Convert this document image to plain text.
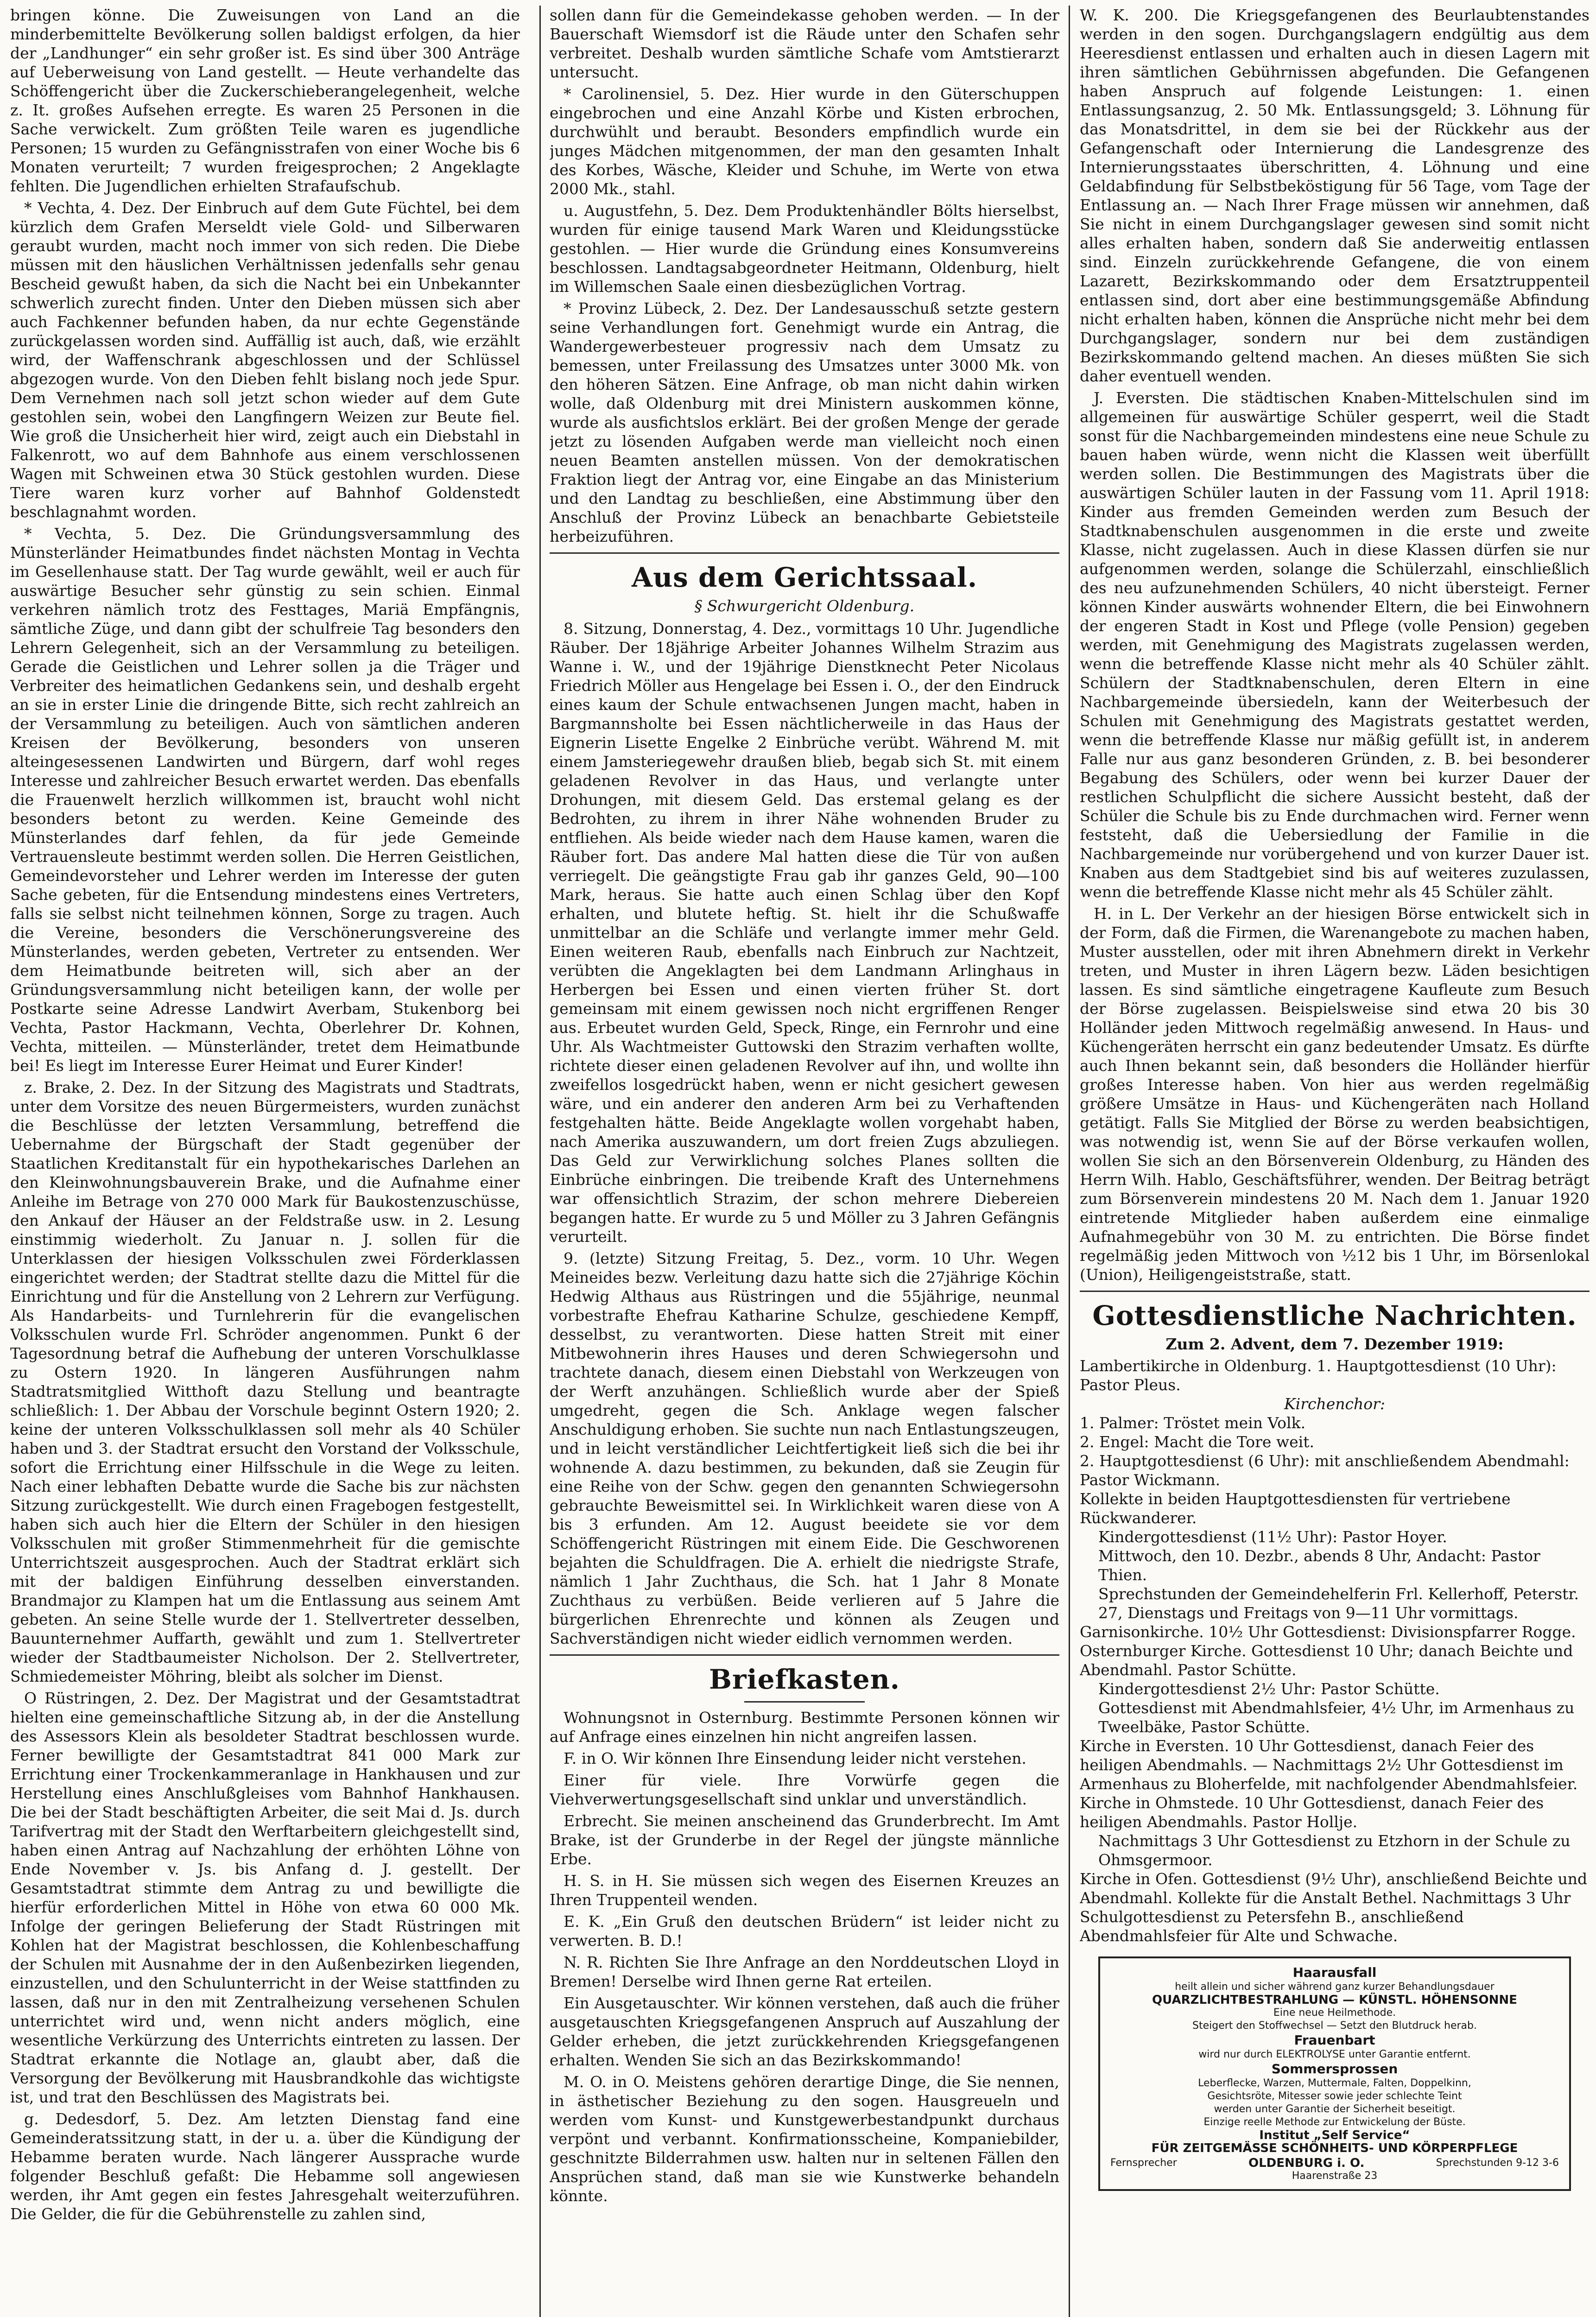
bringen könne. Die Zuweisungen von Land an die minderbemittelte Bevölkerung sollen baldigst erfolgen, da hier der „Landhunger“ ein sehr großer ist. Es sind über 300 Anträge auf Ueberweisung von Land gestellt. — Heute verhandelte das Schöffengericht über die Zuckerschieberangelegenheit, welche z. It. großes Aufsehen erregte. Es waren 25 Personen in die Sache verwickelt. Zum größten Teile waren es jugendliche Personen; 15 wurden zu Gefängnisstrafen von einer Woche bis 6 Monaten verurteilt; 7 wurden freigesprochen; 2 Angeklagte fehlten. Die Jugendlichen erhielten Strafaufschub.

* Vechta, 4. Dez. Der Einbruch auf dem Gute Füchtel, bei dem kürzlich dem Grafen Merseldt viele Gold- und Silberwaren geraubt wurden, macht noch immer von sich reden. Die Diebe müssen mit den häuslichen Verhältnissen jedenfalls sehr genau Bescheid gewußt haben, da sich die Nacht bei ein Unbekannter schwerlich zurecht finden. Unter den Dieben müssen sich aber auch Fachkenner befunden haben, da nur echte Gegenstände zurückgelassen worden sind. Auffällig ist auch, daß, wie erzählt wird, der Waffenschrank abgeschlossen und der Schlüssel abgezogen wurde. Von den Dieben fehlt bislang noch jede Spur. Dem Vernehmen nach soll jetzt schon wieder auf dem Gute gestohlen sein, wobei den Langfingern Weizen zur Beute fiel. Wie groß die Unsicherheit hier wird, zeigt auch ein Diebstahl in Falkenrott, wo auf dem Bahnhofe aus einem verschlossenen Wagen mit Schweinen etwa 30 Stück gestohlen wurden. Diese Tiere waren kurz vorher auf Bahnhof Goldenstedt beschlagnahmt worden.

* Vechta, 5. Dez. Die Gründungsversammlung des Münsterländer Heimatbundes findet nächsten Montag in Vechta im Gesellenhause statt. Der Tag wurde gewählt, weil er auch für auswärtige Besucher sehr günstig zu sein schien. Einmal verkehren nämlich trotz des Festtages, Mariä Empfängnis, sämtliche Züge, und dann gibt der schulfreie Tag besonders den Lehrern Gelegenheit, sich an der Versammlung zu beteiligen. Gerade die Geistlichen und Lehrer sollen ja die Träger und Verbreiter des heimatlichen Gedankens sein, und deshalb ergeht an sie in erster Linie die dringende Bitte, sich recht zahlreich an der Versammlung zu beteiligen. Auch von sämtlichen anderen Kreisen der Bevölkerung, besonders von unseren alteingesessenen Landwirten und Bürgern, darf wohl reges Interesse und zahlreicher Besuch erwartet werden. Das ebenfalls die Frauenwelt herzlich willkommen ist, braucht wohl nicht besonders betont zu werden. Keine Gemeinde des Münsterlandes darf fehlen, da für jede Gemeinde Vertrauensleute bestimmt werden sollen. Die Herren Geistlichen, Gemeindevorsteher und Lehrer werden im Interesse der guten Sache gebeten, für die Entsendung mindestens eines Vertreters, falls sie selbst nicht teilnehmen können, Sorge zu tragen. Auch die Vereine, besonders die Verschönerungsvereine des Münsterlandes, werden gebeten, Vertreter zu entsenden. Wer dem Heimatbunde beitreten will, sich aber an der Gründungsversammlung nicht beteiligen kann, der wolle per Postkarte seine Adresse Landwirt Averbam, Stukenborg bei Vechta, Pastor Hackmann, Vechta, Oberlehrer Dr. Kohnen, Vechta, mitteilen. — Münsterländer, tretet dem Heimatbunde bei! Es liegt im Interesse Eurer Heimat und Eurer Kinder!

z. Brake, 2. Dez. In der Sitzung des Magistrats und Stadtrats, unter dem Vorsitze des neuen Bürgermeisters, wurden zunächst die Beschlüsse der letzten Versammlung, betreffend die Uebernahme der Bürgschaft der Stadt gegenüber der Staatlichen Kreditanstalt für ein hypothekarisches Darlehen an den Kleinwohnungsbauverein Brake, und die Aufnahme einer Anleihe im Betrage von 270 000 Mark für Baukostenzuschüsse, den Ankauf der Häuser an der Feldstraße usw. in 2. Lesung einstimmig wiederholt. Zu Januar n. J. sollen für die Unterklassen der hiesigen Volksschulen zwei Förderklassen eingerichtet werden; der Stadtrat stellte dazu die Mittel für die Einrichtung und für die Anstellung von 2 Lehrern zur Verfügung. Als Handarbeits- und Turnlehrerin für die evangelischen Volksschulen wurde Frl. Schröder angenommen. Punkt 6 der Tagesordnung betraf die Aufhebung der unteren Vorschulklasse zu Ostern 1920. In längeren Ausführungen nahm Stadtratsmitglied Witthoft dazu Stellung und beantragte schließlich: 1. Der Abbau der Vorschule beginnt Ostern 1920; 2. keine der unteren Volksschulklassen soll mehr als 40 Schüler haben und 3. der Stadtrat ersucht den Vorstand der Volksschule, sofort die Errichtung einer Hilfsschule in die Wege zu leiten. Nach einer lebhaften Debatte wurde die Sache bis zur nächsten Sitzung zurückgestellt. Wie durch einen Fragebogen festgestellt, haben sich auch hier die Eltern der Schüler in den hiesigen Volksschulen mit großer Stimmenmehrheit für die gemischte Unterrichtszeit ausgesprochen. Auch der Stadtrat erklärt sich mit der baldigen Einführung desselben einverstanden. Brandmajor zu Klampen hat um die Entlassung aus seinem Amt gebeten. An seine Stelle wurde der 1. Stellvertreter desselben, Bauunternehmer Auffarth, gewählt und zum 1. Stellvertreter wieder der Stadtbaumeister Nicholson. Der 2. Stellvertreter, Schmiedemeister Möhring, bleibt als solcher im Dienst.

O Rüstringen, 2. Dez. Der Magistrat und der Gesamtstadtrat hielten eine gemeinschaftliche Sitzung ab, in der die Anstellung des Assessors Klein als besoldeter Stadtrat beschlossen wurde. Ferner bewilligte der Gesamtstadtrat 841 000 Mark zur Errichtung einer Trockenkammeranlage in Hankhausen und zur Herstellung eines Anschlußgleises vom Bahnhof Hankhausen. Die bei der Stadt beschäftigten Arbeiter, die seit Mai d. Js. durch Tarifvertrag mit der Stadt den Werftarbeitern gleichgestellt sind, haben einen Antrag auf Nachzahlung der erhöhten Löhne von Ende November v. Js. bis Anfang d. J. gestellt. Der Gesamtstadtrat stimmte dem Antrag zu und bewilligte die hierfür erforderlichen Mittel in Höhe von etwa 60 000 Mk. Infolge der geringen Belieferung der Stadt Rüstringen mit Kohlen hat der Magistrat beschlossen, die Kohlenbeschaffung der Schulen mit Ausnahme der in den Außenbezirken liegenden, einzustellen, und den Schulunterricht in der Weise stattfinden zu lassen, daß nur in den mit Zentralheizung versehenen Schulen unterrichtet wird und, wenn nicht anders möglich, eine wesentliche Verkürzung des Unterrichts eintreten zu lassen. Der Stadtrat erkannte die Notlage an, glaubt aber, daß die Versorgung der Bevölkerung mit Hausbrandkohle das wichtigste ist, und trat den Beschlüssen des Magistrats bei.

g. Dedesdorf, 5. Dez. Am letzten Dienstag fand eine Gemeinderatssitzung statt, in der u. a. über die Kündigung der Hebamme beraten wurde. Nach längerer Aussprache wurde folgender Beschluß gefaßt: Die Hebamme soll angewiesen werden, ihr Amt gegen ein festes Jahresgehalt weiterzuführen. Die Gelder, die für die Gebührenstelle zu zahlen sind,

sollen dann für die Gemeindekasse gehoben werden. — In der Bauerschaft Wiemsdorf ist die Räude unter den Schafen sehr verbreitet. Deshalb wurden sämtliche Schafe vom Amtstierarzt untersucht.

* Carolinensiel, 5. Dez. Hier wurde in den Güterschuppen eingebrochen und eine Anzahl Körbe und Kisten erbrochen, durchwühlt und beraubt. Besonders empfindlich wurde ein junges Mädchen mitgenommen, der man den gesamten Inhalt des Korbes, Wäsche, Kleider und Schuhe, im Werte von etwa 2000 Mk., stahl.

u. Augustfehn, 5. Dez. Dem Produktenhändler Bölts hierselbst, wurden für einige tausend Mark Waren und Kleidungsstücke gestohlen. — Hier wurde die Gründung eines Konsumvereins beschlossen. Landtagsabgeordneter Heitmann, Oldenburg, hielt im Willemschen Saale einen diesbezüglichen Vortrag.

* Provinz Lübeck, 2. Dez. Der Landesausschuß setzte gestern seine Verhandlungen fort. Genehmigt wurde ein Antrag, die Wandergewerbesteuer progressiv nach dem Umsatz zu bemessen, unter Freilassung des Umsatzes unter 3000 Mk. von den höheren Sätzen. Eine Anfrage, ob man nicht dahin wirken wolle, daß Oldenburg mit drei Ministern auskommen könne, wurde als ausfichtslos erklärt. Bei der großen Menge der gerade jetzt zu lösenden Aufgaben werde man vielleicht noch einen neuen Beamten anstellen müssen. Von der demokratischen Fraktion liegt der Antrag vor, eine Eingabe an das Ministerium und den Landtag zu beschließen, eine Abstimmung über den Anschluß der Provinz Lübeck an benachbarte Gebietsteile herbeizuführen.

Aus dem Gerichtssaal.

§ Schwurgericht Oldenburg.

8. Sitzung, Donnerstag, 4. Dez., vormittags 10 Uhr. Jugendliche Räuber. Der 18jährige Arbeiter Johannes Wilhelm Strazim aus Wanne i. W., und der 19jährige Dienstknecht Peter Nicolaus Friedrich Möller aus Hengelage bei Essen i. O., der den Eindruck eines kaum der Schule entwachsenen Jungen macht, haben in Bargmannsholte bei Essen nächtlicherweile in das Haus der Eignerin Lisette Engelke 2 Einbrüche verübt. Während M. mit einem Jamsteriegewehr draußen blieb, begab sich St. mit einem geladenen Revolver in das Haus, und verlangte unter Drohungen, mit diesem Geld. Das erstemal gelang es der Bedrohten, zu ihrem in ihrer Nähe wohnenden Bruder zu entfliehen. Als beide wieder nach dem Hause kamen, waren die Räuber fort. Das andere Mal hatten diese die Tür von außen verriegelt. Die geängstigte Frau gab ihr ganzes Geld, 90—100 Mark, heraus. Sie hatte auch einen Schlag über den Kopf erhalten, und blutete heftig. St. hielt ihr die Schußwaffe unmittelbar an die Schläfe und verlangte immer mehr Geld. Einen weiteren Raub, ebenfalls nach Einbruch zur Nachtzeit, verübten die Angeklagten bei dem Landmann Arlinghaus in Herbergen bei Essen und einen vierten früher St. dort gemeinsam mit einem gewissen noch nicht ergriffenen Renger aus. Erbeutet wurden Geld, Speck, Ringe, ein Fernrohr und eine Uhr. Als Wachtmeister Guttowski den Strazim verhaften wollte, richtete dieser einen geladenen Revolver auf ihn, und wollte ihn zweifellos losgedrückt haben, wenn er nicht gesichert gewesen wäre, und ein anderer den anderen Arm bei zu Verhaftenden festgehalten hätte. Beide Angeklagte wollen vorgehabt haben, nach Amerika auszuwandern, um dort freien Zugs abzuliegen. Das Geld zur Verwirklichung solches Planes sollten die Einbrüche einbringen. Die treibende Kraft des Unternehmens war offensichtlich Strazim, der schon mehrere Diebereien begangen hatte. Er wurde zu 5 und Möller zu 3 Jahren Gefängnis verurteilt.

9. (letzte) Sitzung Freitag, 5. Dez., vorm. 10 Uhr. Wegen Meineides bezw. Verleitung dazu hatte sich die 27jährige Köchin Hedwig Althaus aus Rüstringen und die 55jährige, neunmal vorbestrafte Ehefrau Katharine Schulze, geschiedene Kempff, desselbst, zu verantworten. Diese hatten Streit mit einer Mitbewohnerin ihres Hauses und deren Schwiegersohn und trachtete danach, diesem einen Diebstahl von Werkzeugen von der Werft anzuhängen. Schließlich wurde aber der Spieß umgedreht, gegen die Sch. Anklage wegen falscher Anschuldigung erhoben. Sie suchte nun nach Entlastungszeugen, und in leicht verständlicher Leichtfertigkeit ließ sich die bei ihr wohnende A. dazu bestimmen, zu bekunden, daß sie Zeugin für eine Reihe von der Schw. gegen den genannten Schwiegersohn gebrauchte Beweismittel sei. In Wirklichkeit waren diese von A bis 3 erfunden. Am 12. August beeidete sie vor dem Schöffengericht Rüstringen mit einem Eide. Die Geschworenen bejahten die Schuldfragen. Die A. erhielt die niedrigste Strafe, nämlich 1 Jahr Zuchthaus, die Sch. hat 1 Jahr 8 Monate Zuchthaus zu verbüßen. Beide verlieren auf 5 Jahre die bürgerlichen Ehrenrechte und können als Zeugen und Sachverständigen nicht wieder eidlich vernommen werden.

Briefkasten.

Wohnungsnot in Osternburg. Bestimmte Personen können wir auf Anfrage eines einzelnen hin nicht angreifen lassen.

F. in O. Wir können Ihre Einsendung leider nicht verstehen.

Einer für viele. Ihre Vorwürfe gegen die Viehverwertungsgesellschaft sind unklar und unverständlich.

Erbrecht. Sie meinen anscheinend das Grunderbrecht. Im Amt Brake, ist der Grunderbe in der Regel der jüngste männliche Erbe.

H. S. in H. Sie müssen sich wegen des Eisernen Kreuzes an Ihren Truppenteil wenden.

E. K. „Ein Gruß den deutschen Brüdern“ ist leider nicht zu verwerten. B. D.!

N. R. Richten Sie Ihre Anfrage an den Norddeutschen Lloyd in Bremen! Derselbe wird Ihnen gerne Rat erteilen.

Ein Ausgetauschter. Wir können verstehen, daß auch die früher ausgetauschten Kriegsgefangenen Anspruch auf Auszahlung der Gelder erheben, die jetzt zurückkehrenden Kriegsgefangenen erhalten. Wenden Sie sich an das Bezirkskommando!

M. O. in O. Meistens gehören derartige Dinge, die Sie nennen, in ästhetischer Beziehung zu den sogen. Hausgreueln und werden vom Kunst- und Kunstgewerbestandpunkt durchaus verpönt und verbannt. Konfirmationsscheine, Kompaniebilder, geschnitzte Bilderrahmen usw. halten nur in seltenen Fällen den Ansprüchen stand, daß man sie wie Kunstwerke behandeln könnte.

W. K. 200. Die Kriegsgefangenen des Beurlaubtenstandes werden in den sogen. Durchgangslagern endgültig aus dem Heeresdienst entlassen und erhalten auch in diesen Lagern mit ihren sämtlichen Gebührnissen abgefunden. Die Gefangenen haben Anspruch auf folgende Leistungen: 1. einen Entlassungsanzug, 2. 50 Mk. Entlassungsgeld; 3. Löhnung für das Monatsdrittel, in dem sie bei der Rückkehr aus der Gefangenschaft oder Internierung die Landesgrenze des Internierungsstaates überschritten, 4. Löhnung und eine Geldabfindung für Selbstbeköstigung für 56 Tage, vom Tage der Entlassung an. — Nach Ihrer Frage müssen wir annehmen, daß Sie nicht in einem Durchgangslager gewesen sind somit nicht alles erhalten haben, sondern daß Sie anderweitig entlassen sind. Einzeln zurückkehrende Gefangene, die von einem Lazarett, Bezirkskommando oder dem Ersatztruppenteil entlassen sind, dort aber eine bestimmungsgemäße Abfindung nicht erhalten haben, können die Ansprüche nicht mehr bei dem Durchgangslager, sondern nur bei dem zuständigen Bezirkskommando geltend machen. An dieses müßten Sie sich daher eventuell wenden.

J. Eversten. Die städtischen Knaben-Mittelschulen sind im allgemeinen für auswärtige Schüler gesperrt, weil die Stadt sonst für die Nachbargemeinden mindestens eine neue Schule zu bauen haben würde, wenn nicht die Klassen weit überfüllt werden sollen. Die Bestimmungen des Magistrats über die auswärtigen Schüler lauten in der Fassung vom 11. April 1918: Kinder aus fremden Gemeinden werden zum Besuch der Stadtknabenschulen ausgenommen in die erste und zweite Klasse, nicht zugelassen. Auch in diese Klassen dürfen sie nur aufgenommen werden, solange die Schülerzahl, einschließlich des neu aufzunehmenden Schülers, 40 nicht übersteigt. Ferner können Kinder auswärts wohnender Eltern, die bei Einwohnern der engeren Stadt in Kost und Pflege (volle Pension) gegeben werden, mit Genehmigung des Magistrats zugelassen werden, wenn die betreffende Klasse nicht mehr als 40 Schüler zählt. Schülern der Stadtknabenschulen, deren Eltern in eine Nachbargemeinde übersiedeln, kann der Weiterbesuch der Schulen mit Genehmigung des Magistrats gestattet werden, wenn die betreffende Klasse nur mäßig gefüllt ist, in anderem Falle nur aus ganz besonderen Gründen, z. B. bei besonderer Begabung des Schülers, oder wenn bei kurzer Dauer der restlichen Schulpflicht die sichere Aussicht besteht, daß der Schüler die Schule bis zu Ende durchmachen wird. Ferner wenn feststeht, daß die Uebersiedlung der Familie in die Nachbargemeinde nur vorübergehend und von kurzer Dauer ist. Knaben aus dem Stadtgebiet sind bis auf weiteres zuzulassen, wenn die betreffende Klasse nicht mehr als 45 Schüler zählt.

H. in L. Der Verkehr an der hiesigen Börse entwickelt sich in der Form, daß die Firmen, die Warenangebote zu machen haben, Muster ausstellen, oder mit ihren Abnehmern direkt in Verkehr treten, und Muster in ihren Lägern bezw. Läden besichtigen lassen. Es sind sämtliche eingetragene Kaufleute zum Besuch der Börse zugelassen. Beispielsweise sind etwa 20 bis 30 Holländer jeden Mittwoch regelmäßig anwesend. In Haus- und Küchengeräten herrscht ein ganz bedeutender Umsatz. Es dürfte auch Ihnen bekannt sein, daß besonders die Holländer hierfür großes Interesse haben. Von hier aus werden regelmäßig größere Umsätze in Haus- und Küchengeräten nach Holland getätigt. Falls Sie Mitglied der Börse zu werden beabsichtigen, was notwendig ist, wenn Sie auf der Börse verkaufen wollen, wollen Sie sich an den Börsenverein Oldenburg, zu Händen des Herrn Wilh. Hablo, Geschäftsführer, wenden. Der Beitrag beträgt zum Börsenverein mindestens 20 M. Nach dem 1. Januar 1920 eintretende Mitglieder haben außerdem eine einmalige Aufnahmegebühr von 30 M. zu entrichten. Die Börse findet regelmäßig jeden Mittwoch von ½12 bis 1 Uhr, im Börsenlokal (Union), Heiligengeiststraße, statt.

Gottesdienstliche Nachrichten.

Zum 2. Advent, dem 7. Dezember 1919:

Lambertikirche in Oldenburg. 1. Hauptgottesdienst (10 Uhr): Pastor Pleus.

Kirchenchor:

1. Palmer: Tröstet mein Volk.

2. Engel: Macht die Tore weit.

2. Hauptgottesdienst (6 Uhr): mit anschließendem Abendmahl: Pastor Wickmann.

Kollekte in beiden Hauptgottesdiensten für vertriebene Rückwanderer.

Kindergottesdienst (11½ Uhr): Pastor Hoyer.

Mittwoch, den 10. Dezbr., abends 8 Uhr, Andacht: Pastor Thien.

Sprechstunden der Gemeindehelferin Frl. Kellerhoff, Peterstr. 27, Dienstags und Freitags von 9—11 Uhr vormittags.

Garnisonkirche. 10½ Uhr Gottesdienst: Divisionspfarrer Rogge.

Osternburger Kirche. Gottesdienst 10 Uhr; danach Beichte und Abendmahl. Pastor Schütte.

Kindergottesdienst 2½ Uhr: Pastor Schütte.

Gottesdienst mit Abendmahlsfeier, 4½ Uhr, im Armenhaus zu Tweelbäke, Pastor Schütte.

Kirche in Eversten. 10 Uhr Gottesdienst, danach Feier des heiligen Abendmahls. — Nachmittags 2½ Uhr Gottesdienst im Armenhaus zu Bloherfelde, mit nachfolgender Abendmahlsfeier.

Kirche in Ohmstede. 10 Uhr Gottesdienst, danach Feier des heiligen Abendmahls. Pastor Hollje.

Nachmittags 3 Uhr Gottesdienst zu Etzhorn in der Schule zu Ohmsgermoor.

Kirche in Ofen. Gottesdienst (9½ Uhr), anschließend Beichte und Abendmahl. Kollekte für die Anstalt Bethel. Nachmittags 3 Uhr Schulgottesdienst zu Petersfehn B., anschließend Abendmahlsfeier für Alte und Schwache.

Haarausfall
heilt allein und sicher während ganz kurzer Behandlungsdauer
QUARZLICHTBESTRAHLUNG — KÜNSTL. HÖHENSONNE
Eine neue Heilmethode.
Steigert den Stoffwechsel — Setzt den Blutdruck herab.
Frauenbart
wird nur durch ELEKTROLYSE unter Garantie entfernt.
Sommersprossen
Leberflecke, Warzen, Muttermale, Falten, Doppelkinn,
Gesichtsröte, Mitesser sowie jeder schlechte Teint
werden unter Garantie der Sicherheit beseitigt.
Einzige reelle Methode zur Entwickelung der Büste.
Institut „Self Service“
FÜR ZEITGEMÄSSE SCHÖNHEITS- UND KÖRPERPFLEGE
Fernsprecher	OLDENBURG i. O.	Sprechstunden 9-12 3-6
Haarenstraße 23
